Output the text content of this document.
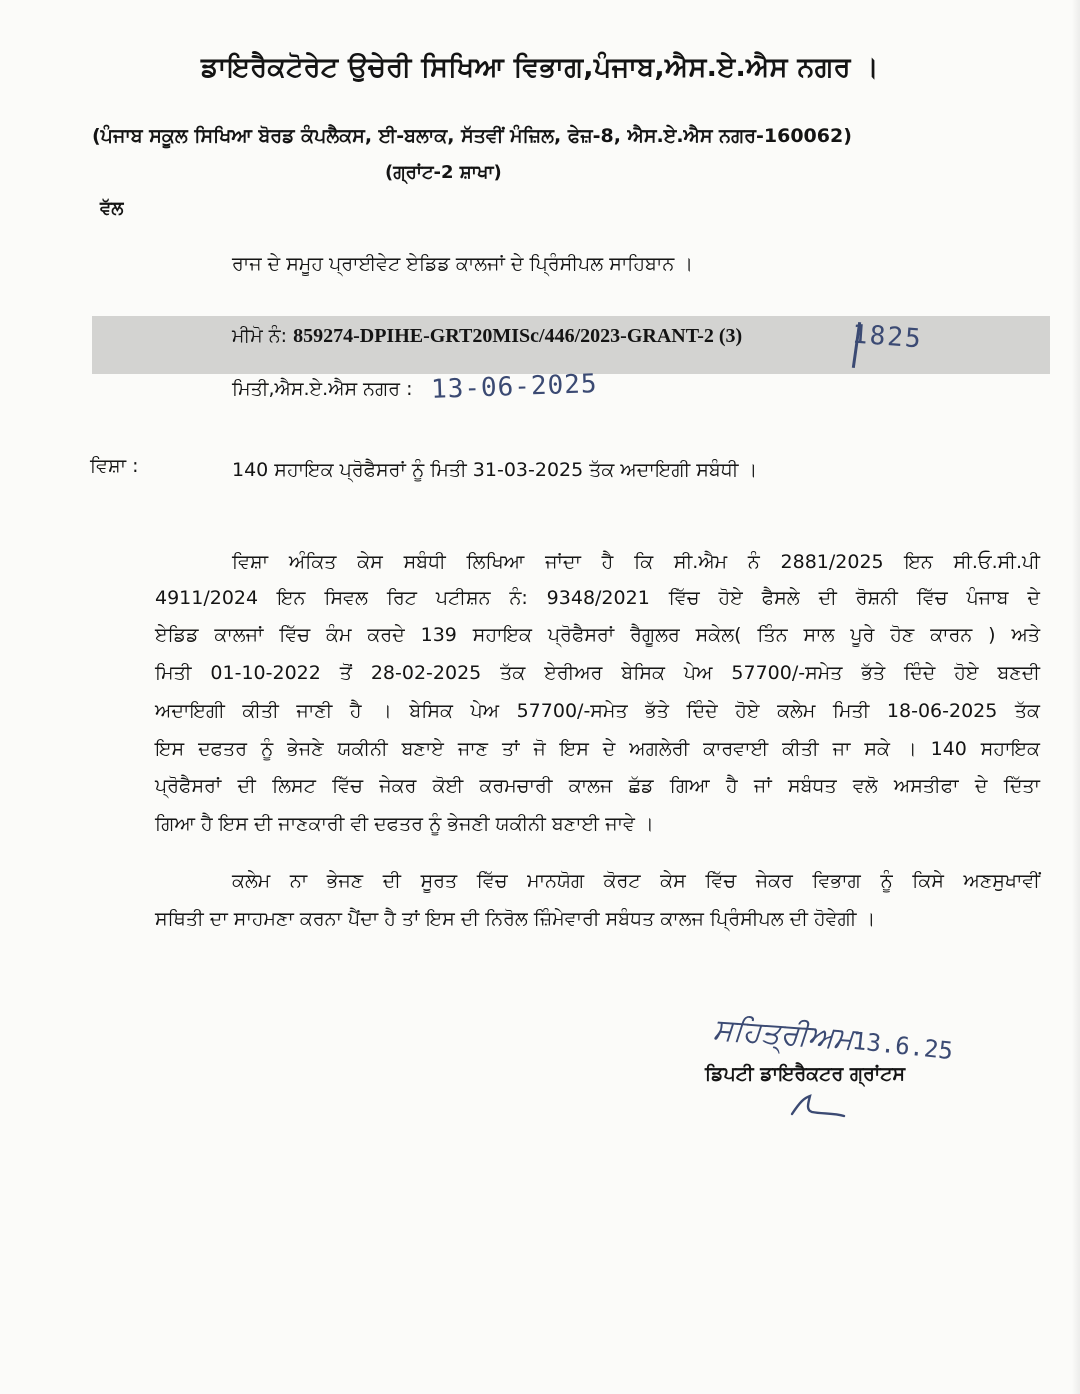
ਡਾਇਰੈਕਟੋਰੇਟ ਉਚੇਰੀ ਸਿਖਿਆ ਵਿਭਾਗ,ਪੰਜਾਬ,ਐਸ.ਏ.ਐਸ ਨਗਰ ।
(ਪੰਜਾਬ ਸਕੂਲ ਸਿਖਿਆ ਬੋਰਡ ਕੰਪਲੈਕਸ, ਈ-ਬਲਾਕ, ਸੱਤਵੀਂ ਮੰਜ਼ਿਲ, ਫੇਜ਼-8, ਐਸ.ਏ.ਐਸ ਨਗਰ-160062)
(ਗ੍ਰਾਂਟ-2 ਸ਼ਾਖਾ)
ਵੱਲ
ਰਾਜ ਦੇ ਸਮੂਹ ਪ੍ਰਾਈਵੇਟ ਏਡਿਡ ਕਾਲਜਾਂ ਦੇ ਪ੍ਰਿੰਸੀਪਲ ਸਾਹਿਬਾਨ ।
ਮੀਮੋ ਨੰ: 859274-DPIHE-GRT20MISc/446/2023-GRANT-2 (3)	1825
ਮਿਤੀ,ਐਸ.ਏ.ਐਸ ਨਗਰ : 13-06-2025
ਵਿਸ਼ਾ :	140 ਸਹਾਇਕ ਪ੍ਰੋਫੈਸਰਾਂ ਨੂੰ ਮਿਤੀ 31-03-2025 ਤੱਕ ਅਦਾਇਗੀ ਸਬੰਧੀ ।
ਵਿਸ਼ਾ ਅੰਕਿਤ ਕੇਸ ਸਬੰਧੀ ਲਿਖਿਆ ਜਾਂਦਾ ਹੈ ਕਿ ਸੀ.ਐਮ ਨੰ 2881/2025 ਇਨ ਸੀ.ਓ.ਸੀ.ਪੀ
4911/2024 ਇਨ ਸਿਵਲ ਰਿਟ ਪਟੀਸ਼ਨ ਨੰ: 9348/2021 ਵਿੱਚ ਹੋਏ ਫੈਸਲੇ ਦੀ ਰੋਸ਼ਨੀ ਵਿੱਚ ਪੰਜਾਬ ਦੇ
ਏਡਿਡ ਕਾਲਜਾਂ ਵਿੱਚ ਕੰਮ ਕਰਦੇ 139 ਸਹਾਇਕ ਪ੍ਰੋਫੈਸਰਾਂ ਰੈਗੂਲਰ ਸਕੇਲ( ਤਿੰਨ ਸਾਲ ਪੂਰੇ ਹੋਣ ਕਾਰਨ ) ਅਤੇ
ਮਿਤੀ 01-10-2022 ਤੋਂ 28-02-2025 ਤੱਕ ਏਰੀਅਰ ਬੇਸਿਕ ਪੇਅ 57700/-ਸਮੇਤ ਭੱਤੇ ਦਿੰਦੇ ਹੋਏ ਬਣਦੀ
ਅਦਾਇਗੀ ਕੀਤੀ ਜਾਣੀ ਹੈ । ਬੇਸਿਕ ਪੇਅ 57700/-ਸਮੇਤ ਭੱਤੇ ਦਿੰਦੇ ਹੋਏ ਕਲੇਮ ਮਿਤੀ 18-06-2025 ਤੱਕ
ਇਸ ਦਫਤਰ ਨੂੰ ਭੇਜਣੇ ਯਕੀਨੀ ਬਣਾਏ ਜਾਣ ਤਾਂ ਜੋ ਇਸ ਦੇ ਅਗਲੇਰੀ ਕਾਰਵਾਈ ਕੀਤੀ ਜਾ ਸਕੇ । 140 ਸਹਾਇਕ
ਪ੍ਰੋਫੈਸਰਾਂ ਦੀ ਲਿਸਟ ਵਿੱਚ ਜੇਕਰ ਕੋਈ ਕਰਮਚਾਰੀ ਕਾਲਜ ਛੱਡ ਗਿਆ ਹੈ ਜਾਂ ਸਬੰਧਤ ਵਲੋ ਅਸਤੀਫਾ ਦੇ ਦਿੱਤਾ
ਗਿਆ ਹੈ ਇਸ ਦੀ ਜਾਣਕਾਰੀ ਵੀ ਦਫਤਰ ਨੂੰ ਭੇਜਣੀ ਯਕੀਨੀ ਬਣਾਈ ਜਾਵੇ ।
ਕਲੇਮ ਨਾ ਭੇਜਣ ਦੀ ਸੂਰਤ ਵਿੱਚ ਮਾਨਯੋਗ ਕੋਰਟ ਕੇਸ ਵਿੱਚ ਜੇਕਰ ਵਿਭਾਗ ਨੂੰ ਕਿਸੇ ਅਣਸੁਖਾਵੀਂ
ਸਥਿਤੀ ਦਾ ਸਾਹਮਣਾ ਕਰਨਾ ਪੈਂਦਾ ਹੈ ਤਾਂ ਇਸ ਦੀ ਨਿਰੋਲ ਜ਼ਿੰਮੇਵਾਰੀ ਸਬੰਧਤ ਕਾਲਜ ਪ੍ਰਿੰਸੀਪਲ ਦੀ ਹੋਵੇਗੀ ।
ਸਹਿਤ੍ਰੀਅਮ
13.6.25
ਡਿਪਟੀ ਡਾਇਰੈਕਟਰ ਗ੍ਰਾਂਟਸ
